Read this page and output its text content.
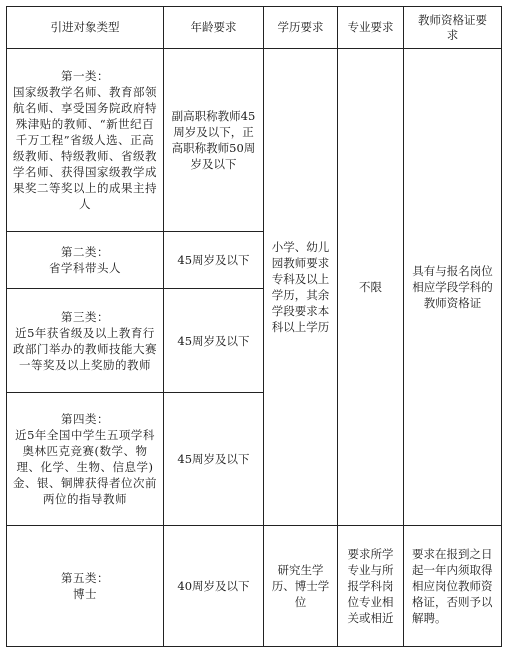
引进对象类型	年龄要求	学历要求	专业要求	教师资格证要求

第一类：
国家级教学名师、教育部领航名师、享受国务院政府特殊津贴的教师、“新世纪百千万工程”省级人选、正高级教师、特级教师、省级教学名师、获得国家级教学成果奖二等奖以上的成果主持人	副高职称教师45周岁及以下，正高职称教师50周岁及以下	小学、幼儿园教师要求专科及以上学历，其余学段要求本科以上学历	不限	具有与报名岗位相应学段学科的教师资格证

第二类：
省学科带头人	45周岁及以下			

第三类：
近5年获省级及以上教育行政部门举办的教师技能大赛一等奖及以上奖励的教师	45周岁及以下			

第四类：
近5年全国中学生五项学科奥林匹克竞赛(数学、物理、化学、生物、信息学)金、银、铜牌获得者位次前两位的指导教师	45周岁及以下			

第五类：
博士	40周岁及以下	研究生学历、博士学位	要求所学专业与所报学科岗位专业相关或相近	要求在报到之日起一年内须取得相应岗位教师资格证，否则予以解聘。
